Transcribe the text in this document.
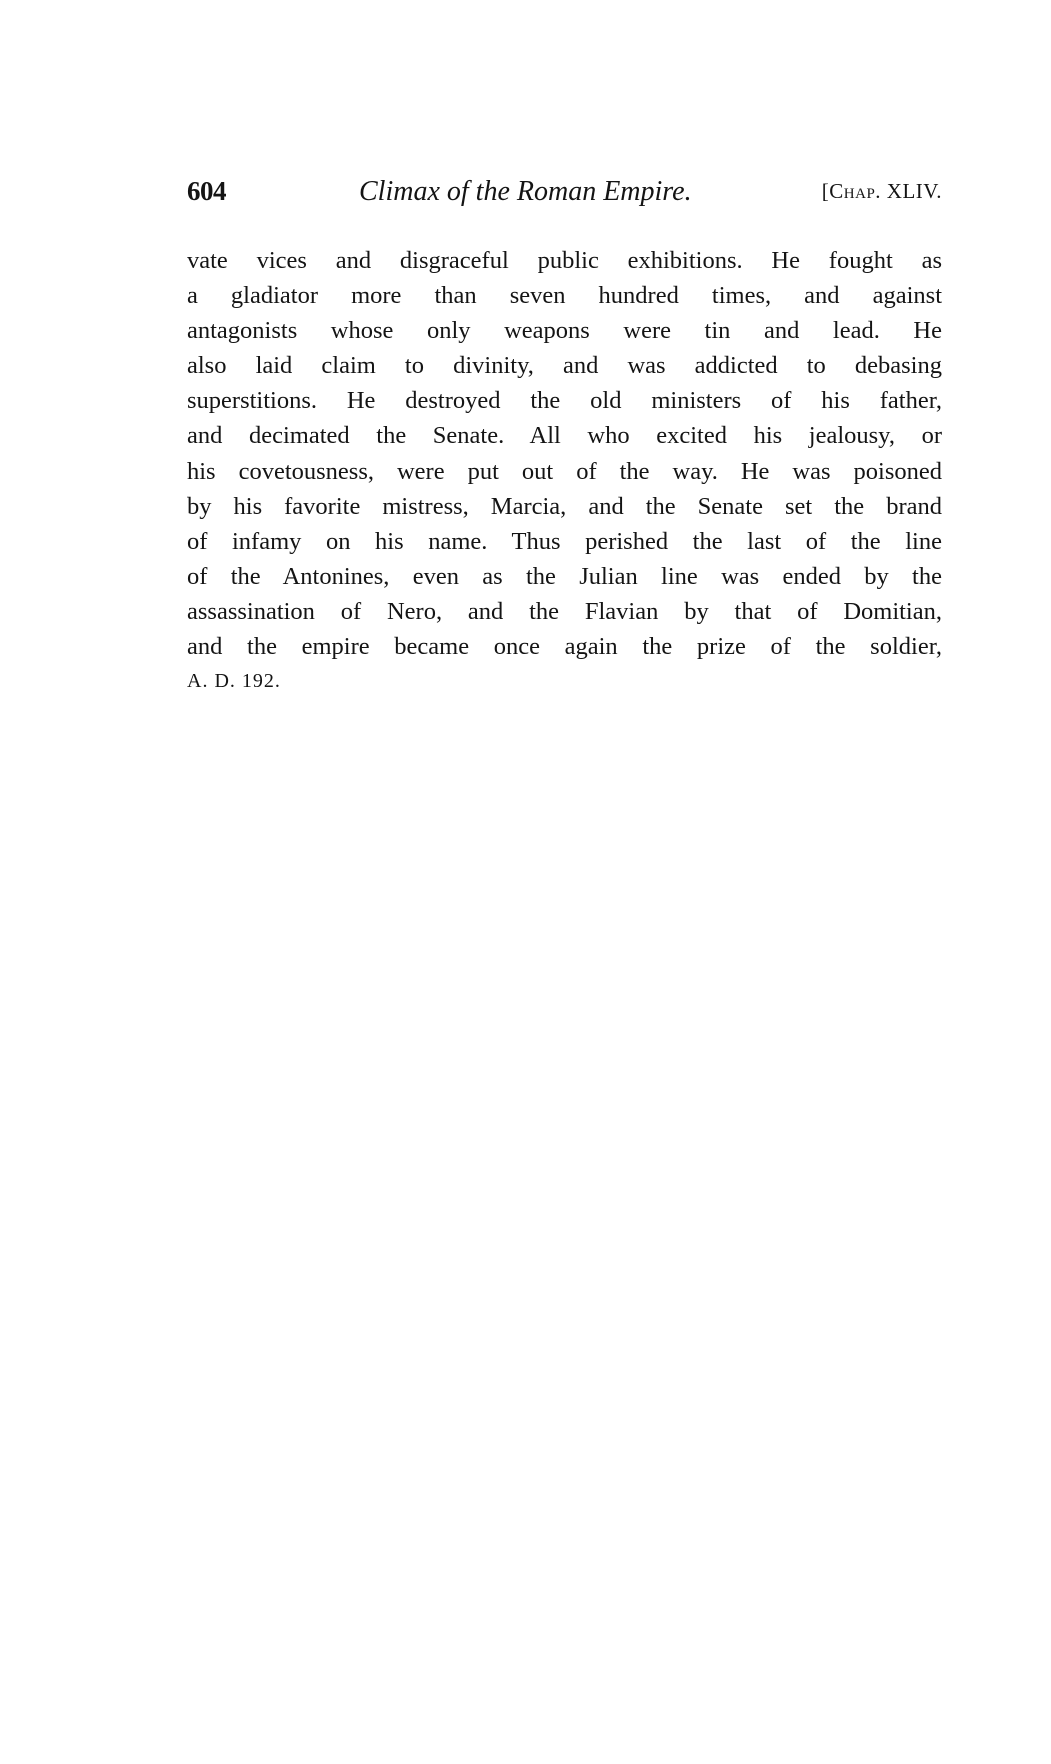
604	Climax of the Roman Empire.	[Chap. XLIV.
vate vices and disgraceful public exhibitions. He fought as
a gladiator more than seven hundred times, and against
antagonists whose only weapons were tin and lead. He
also laid claim to divinity, and was addicted to debasing
superstitions. He destroyed the old ministers of his father,
and decimated the Senate. All who excited his jealousy, or
his covetousness, were put out of the way. He was poisoned
by his favorite mistress, Marcia, and the Senate set the brand
of infamy on his name. Thus perished the last of the line
of the Antonines, even as the Julian line was ended by the
assassination of Nero, and the Flavian by that of Domitian,
and the empire became once again the prize of the soldier,
A. D. 192.
